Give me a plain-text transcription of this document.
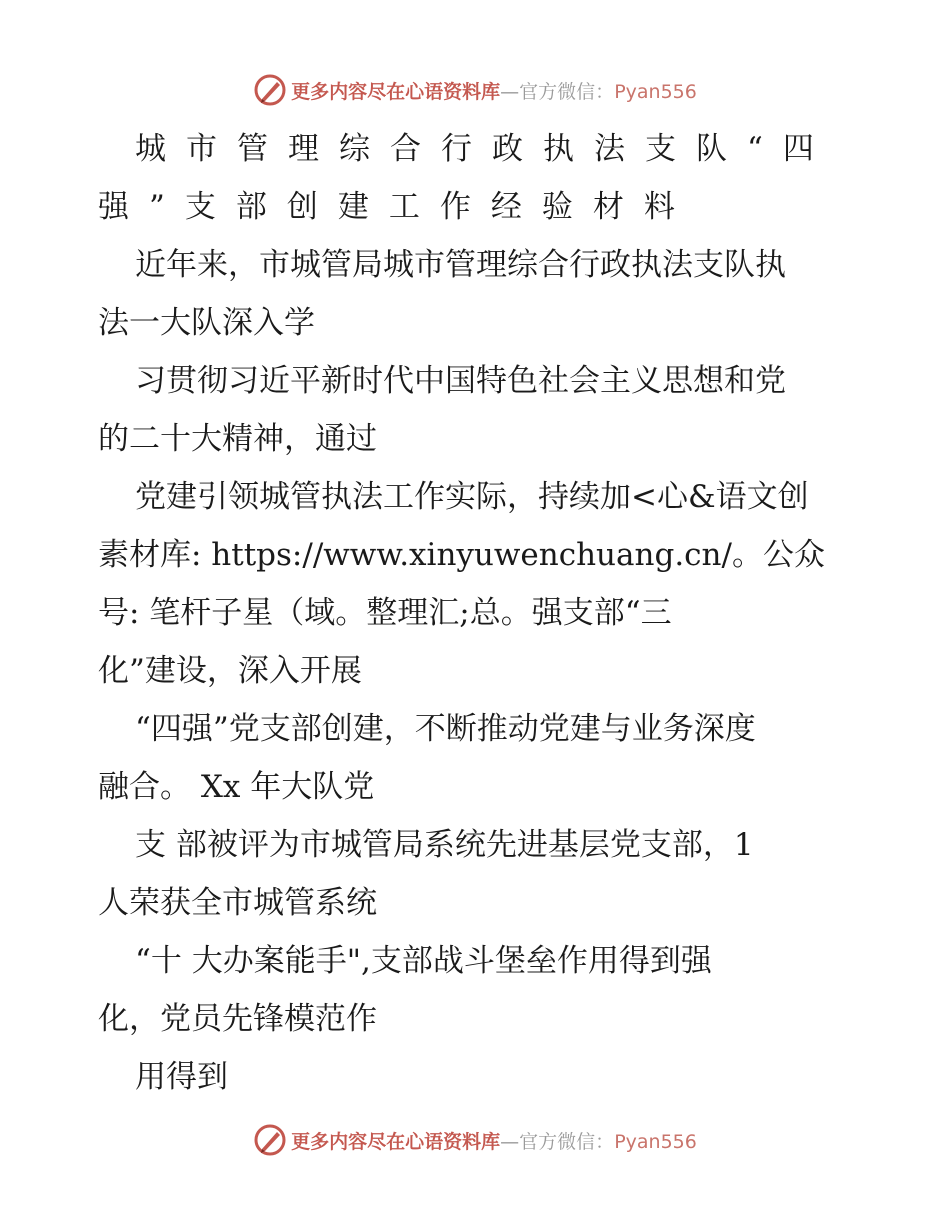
更多内容尽在心语资料库—官方微信：Pyan556
城市管理综合行政执法支队“四
强”支部创建工作经验材料
近年来，市城管局城市管理综合行政执法支队执
法一大队深入学
习贯彻习近平新时代中国特色社会主义思想和党
的二十大精神，通过
党建引领城管执法工作实际，持续加<心&语文创
素材库: https://www.xinyuwenchuang.cn/。公众
号: 笔杆子星（域。整理汇;总。强支部“三
化”建设，深入开展
“四强”党支部创建，不断推动党建与业务深度
融合。 Xx 年大队党
支 部被评为市城管局系统先进基层党支部，1
人荣获全市城管系统
“十 大办案能手",支部战斗堡垒作用得到强
化，党员先锋模范作
用得到
更多内容尽在心语资料库—官方微信：Pyan556
